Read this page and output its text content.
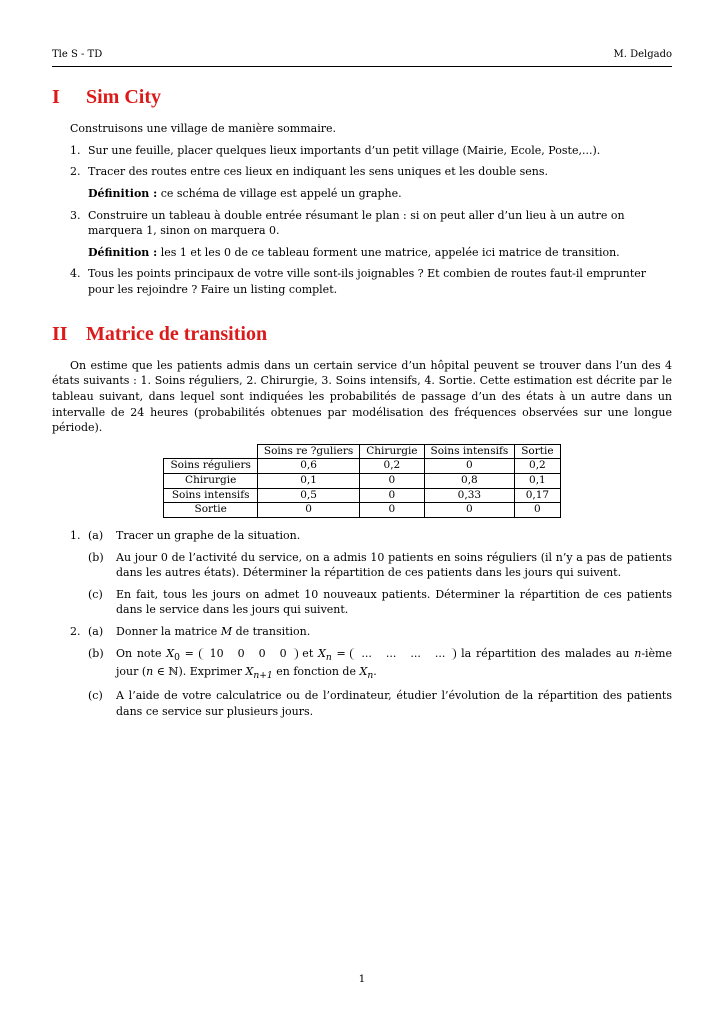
Tle S - TD	M. Delgado
I Sim City
Construisons une village de manière sommaire.
1. Sur une feuille, placer quelques lieux importants d’un petit village (Mairie, Ecole, Poste,...).
2. Tracer des routes entre ces lieux en indiquant les sens uniques et les double sens.
Définition : ce schéma de village est appelé un graphe.
3. Construire un tableau à double entrée résumant le plan : si on peut aller d’un lieu à un autre on marquera 1, sinon on marquera 0.
Définition : les 1 et les 0 de ce tableau forment une matrice, appelée ici matrice de transition.
4. Tous les points principaux de votre ville sont-ils joignables ? Et combien de routes faut-il emprunter pour les rejoindre ? Faire un listing complet.
II Matrice de transition

On estime que les patients admis dans un certain service d’un hôpital peuvent se trouver dans l’un des 4 états suivants : 1. Soins réguliers, 2. Chirurgie, 3. Soins intensifs, 4. Sortie. Cette estimation est décrite par le tableau suivant, dans lequel sont indiquées les probabilités de passage d’un des états à un autre dans un intervalle de 24 heures (probabilités obtenues par modélisation des fréquences observées sur une longue période).

	Soins re ?guliers	Chirurgie	Soins intensifs	Sortie
Soins réguliers	0,6	0,2	0	0,2
Chirurgie	0,1	0	0,8	0,1
Soins intensifs	0,5	0	0,33	0,17
Sortie	0	0	0	0
1. (a) Tracer un graphe de la situation.
(b) Au jour 0 de l’activité du service, on a admis 10 patients en soins réguliers (il n’y a pas de patients dans les autres états). Déterminer la répartition de ces patients dans les jours qui suivent.
(c) En fait, tous les jours on admet 10 nouveaux patients. Déterminer la répartition de ces patients dans le service dans les jours qui suivent.
2. (a) Donner la matrice M de transition.
(b) On note $X_0 = 10$ 0 0 0 et $X_n$ = ... ... ... ... la répartition des malades au n-ième jour (n ∈ ℕ). Exprimer $X_{n+1}$ en fonction de $X_n$.
(c) A l’aide de votre calculatrice ou de l’ordinateur, étudier l’évolution de la répartition des patients dans ce service sur plusieurs jours.
1
